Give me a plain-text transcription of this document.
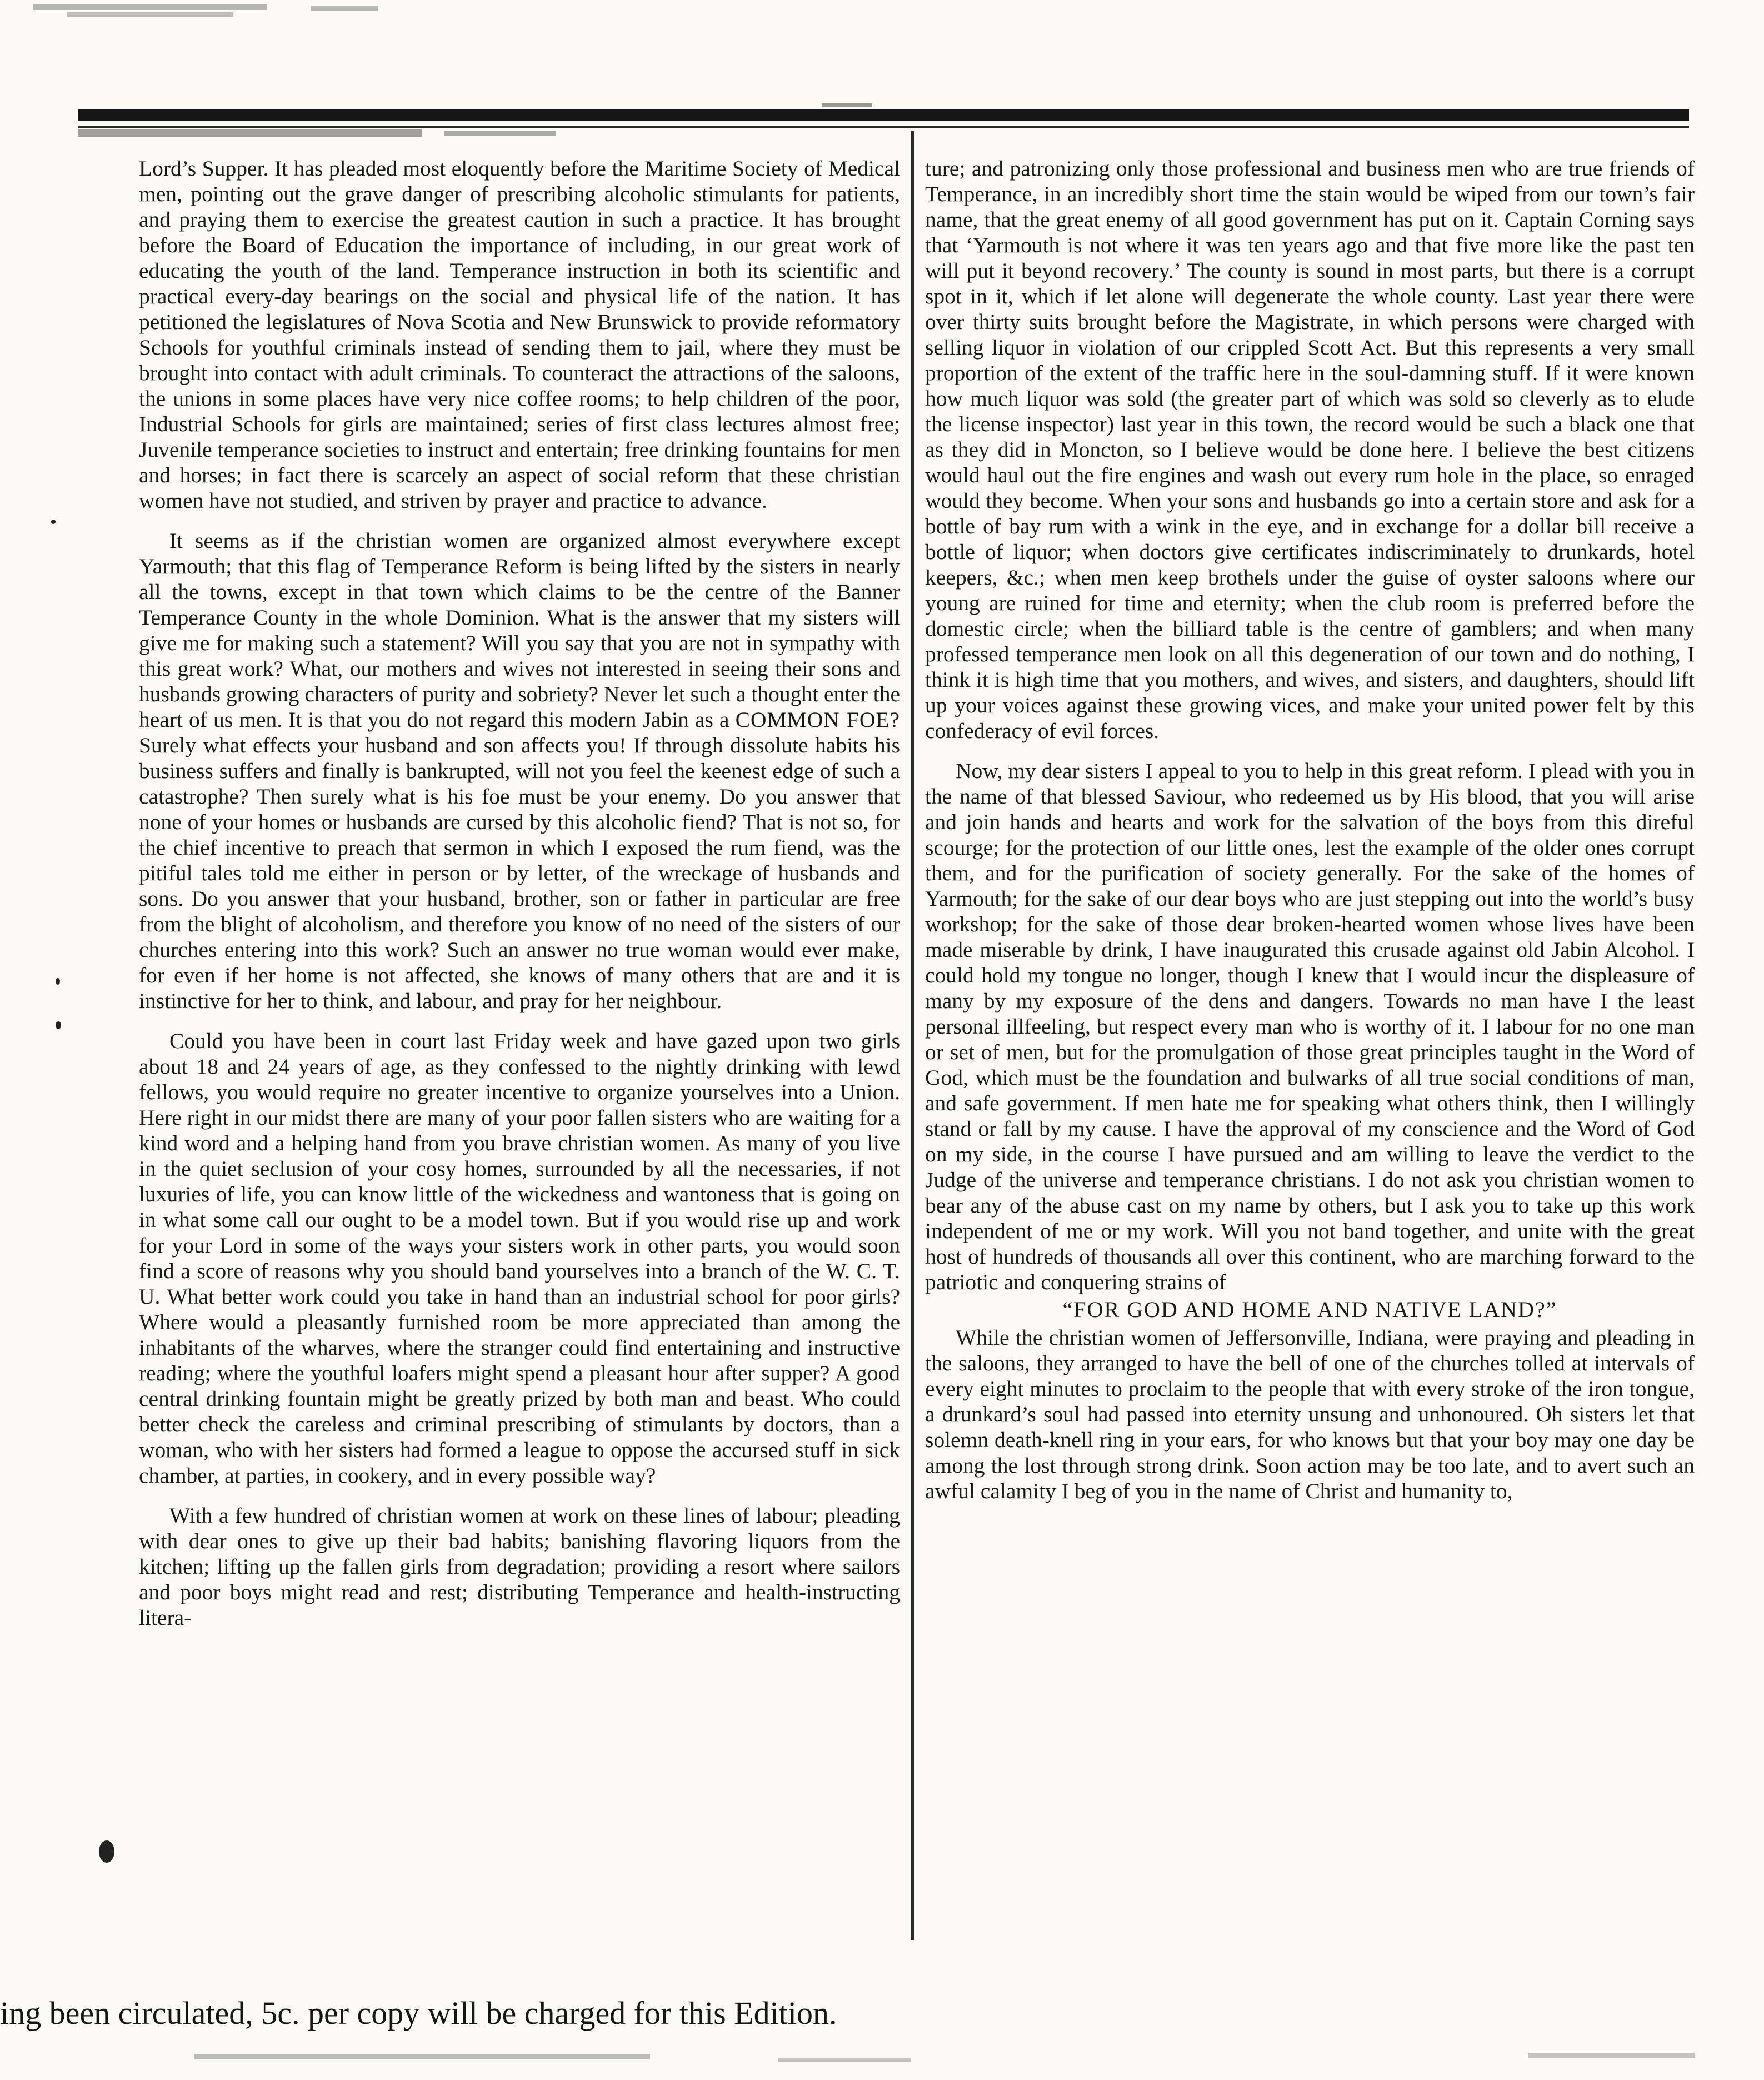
Lord’s Supper. It has pleaded most eloquently before the Maritime Society of Medical men, pointing out the grave danger of prescribing alcoholic stimulants for patients, and praying them to exercise the greatest caution in such a practice. It has brought before the Board of Education the importance of including, in our great work of educating the youth of the land. Temperance instruction in both its scientific and practical every-day bearings on the social and physical life of the nation. It has petitioned the legislatures of Nova Scotia and New Brunswick to provide reformatory Schools for youthful criminals instead of sending them to jail, where they must be brought into contact with adult criminals. To counteract the attractions of the saloons, the unions in some places have very nice coffee rooms; to help children of the poor, Industrial Schools for girls are maintained; series of first class lectures almost free; Juvenile temperance societies to instruct and entertain; free drinking fountains for men and horses; in fact there is scarcely an aspect of social reform that these christian women have not studied, and striven by prayer and practice to advance.

It seems as if the christian women are organized almost everywhere except Yarmouth; that this flag of Temperance Reform is being lifted by the sisters in nearly all the towns, except in that town which claims to be the centre of the Banner Temperance County in the whole Dominion. What is the answer that my sisters will give me for making such a statement? Will you say that you are not in sympathy with this great work? What, our mothers and wives not interested in seeing their sons and husbands growing characters of purity and sobriety? Never let such a thought enter the heart of us men. It is that you do not regard this modern Jabin as a COMMON FOE? Surely what effects your husband and son affects you! If through dissolute habits his business suffers and finally is bankrupted, will not you feel the keenest edge of such a catastrophe? Then surely what is his foe must be your enemy. Do you answer that none of your homes or husbands are cursed by this alcoholic fiend? That is not so, for the chief incentive to preach that sermon in which I exposed the rum fiend, was the pitiful tales told me either in person or by letter, of the wreckage of husbands and sons. Do you answer that your husband, brother, son or father in particular are free from the blight of alcoholism, and therefore you know of no need of the sisters of our churches entering into this work? Such an answer no true woman would ever make, for even if her home is not affected, she knows of many others that are and it is instinctive for her to think, and labour, and pray for her neighbour.

Could you have been in court last Friday week and have gazed upon two girls about 18 and 24 years of age, as they confessed to the nightly drinking with lewd fellows, you would require no greater incentive to organize yourselves into a Union. Here right in our midst there are many of your poor fallen sisters who are waiting for a kind word and a helping hand from you brave christian women. As many of you live in the quiet seclusion of your cosy homes, surrounded by all the necessaries, if not luxuries of life, you can know little of the wickedness and wantoness that is going on in what some call our ought to be a model town. But if you would rise up and work for your Lord in some of the ways your sisters work in other parts, you would soon find a score of reasons why you should band yourselves into a branch of the W. C. T. U. What better work could you take in hand than an industrial school for poor girls? Where would a pleasantly furnished room be more appreciated than among the inhabitants of the wharves, where the stranger could find entertaining and instructive reading; where the youthful loafers might spend a pleasant hour after supper? A good central drinking fountain might be greatly prized by both man and beast. Who could better check the careless and criminal prescribing of stimulants by doctors, than a woman, who with her sisters had formed a league to oppose the accursed stuff in sick chamber, at parties, in cookery, and in every possible way?

With a few hundred of christian women at work on these lines of labour; pleading with dear ones to give up their bad habits; banishing flavoring liquors from the kitchen; lifting up the fallen girls from degradation; providing a resort where sailors and poor boys might read and rest; distributing Temperance and health-instructing litera-

ture; and patronizing only those professional and business men who are true friends of Temperance, in an incredibly short time the stain would be wiped from our town’s fair name, that the great enemy of all good government has put on it. Captain Corning says that ‘Yarmouth is not where it was ten years ago and that five more like the past ten will put it beyond recovery.’ The county is sound in most parts, but there is a corrupt spot in it, which if let alone will degenerate the whole county. Last year there were over thirty suits brought before the Magistrate, in which persons were charged with selling liquor in violation of our crippled Scott Act. But this represents a very small proportion of the extent of the traffic here in the soul-damning stuff. If it were known how much liquor was sold (the greater part of which was sold so cleverly as to elude the license inspector) last year in this town, the record would be such a black one that as they did in Moncton, so I believe would be done here. I believe the best citizens would haul out the fire engines and wash out every rum hole in the place, so enraged would they become. When your sons and husbands go into a certain store and ask for a bottle of bay rum with a wink in the eye, and in exchange for a dollar bill receive a bottle of liquor; when doctors give certificates indiscriminately to drunkards, hotel keepers, &c.; when men keep brothels under the guise of oyster saloons where our young are ruined for time and eternity; when the club room is preferred before the domestic circle; when the billiard table is the centre of gamblers; and when many professed temperance men look on all this degeneration of our town and do nothing, I think it is high time that you mothers, and wives, and sisters, and daughters, should lift up your voices against these growing vices, and make your united power felt by this confederacy of evil forces.

Now, my dear sisters I appeal to you to help in this great reform. I plead with you in the name of that blessed Saviour, who redeemed us by His blood, that you will arise and join hands and hearts and work for the salvation of the boys from this direful scourge; for the protection of our little ones, lest the example of the older ones corrupt them, and for the purification of society generally. For the sake of the homes of Yarmouth; for the sake of our dear boys who are just stepping out into the world’s busy workshop; for the sake of those dear broken-hearted women whose lives have been made miserable by drink, I have inaugurated this crusade against old Jabin Alcohol. I could hold my tongue no longer, though I knew that I would incur the displeasure of many by my exposure of the dens and dangers. Towards no man have I the least personal illfeeling, but respect every man who is worthy of it. I labour for no one man or set of men, but for the promulgation of those great principles taught in the Word of God, which must be the foundation and bulwarks of all true social conditions of man, and safe government. If men hate me for speaking what others think, then I willingly stand or fall by my cause. I have the approval of my conscience and the Word of God on my side, in the course I have pursued and am willing to leave the verdict to the Judge of the universe and temperance christians. I do not ask you christian women to bear any of the abuse cast on my name by others, but I ask you to take up this work independent of me or my work. Will you not band together, and unite with the great host of hundreds of thousands all over this continent, who are marching forward to the patriotic and conquering strains of

“FOR GOD AND HOME AND NATIVE LAND?”

While the christian women of Jeffersonville, Indiana, were praying and pleading in the saloons, they arranged to have the bell of one of the churches tolled at intervals of every eight minutes to proclaim to the people that with every stroke of the iron tongue, a drunkard’s soul had passed into eternity unsung and unhonoured. Oh sisters let that solemn death-knell ring in your ears, for who knows but that your boy may one day be among the lost through strong drink. Soon action may be too late, and to avert such an awful calamity I beg of you in the name of Christ and humanity to,

ing been circulated, 5c. per copy will be charged for this Edition.
